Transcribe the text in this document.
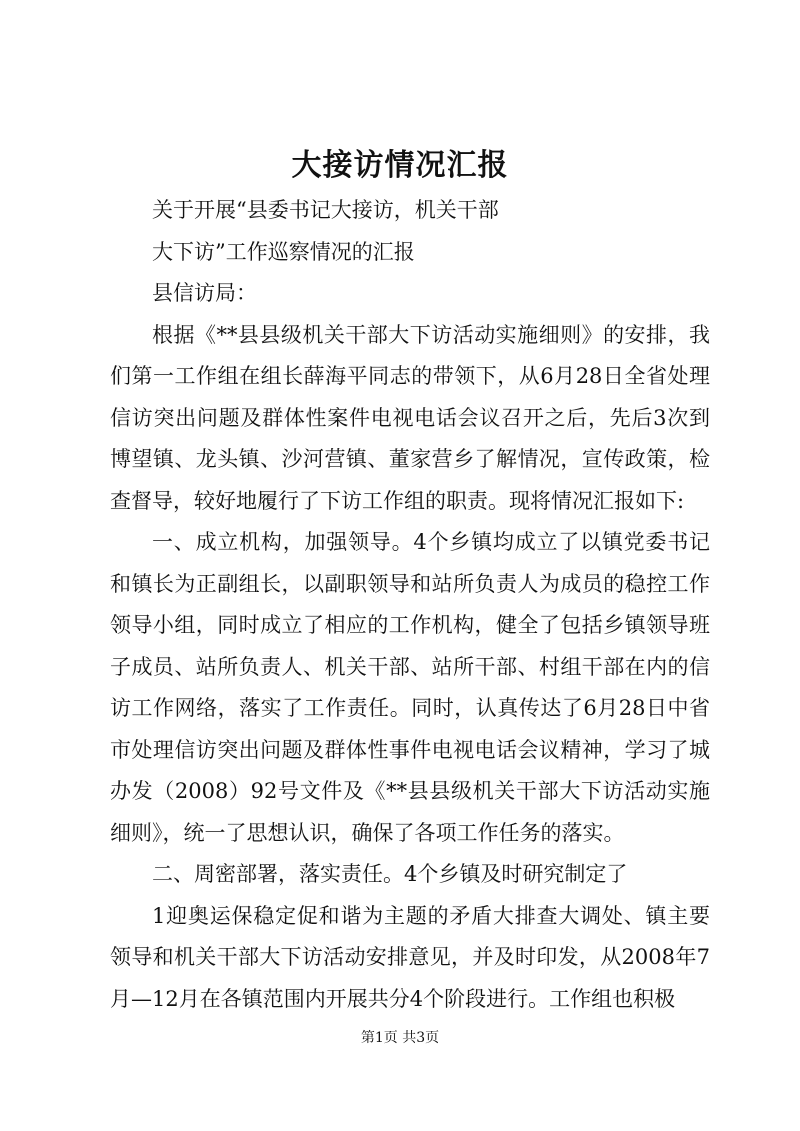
大接访情况汇报

关于开展“县委书记大接访，机关干部

大下访”工作巡察情况的汇报

县信访局：

根据《**县县级机关干部大下访活动实施细则》的安排，我们第一工作组在组长薛海平同志的带领下，从6月28日全省处理信访突出问题及群体性案件电视电话会议召开之后，先后3次到博望镇、龙头镇、沙河营镇、董家营乡了解情况，宣传政策，检查督导，较好地履行了下访工作组的职责。现将情况汇报如下:

一、成立机构，加强领导。4个乡镇均成立了以镇党委书记和镇长为正副组长，以副职领导和站所负责人为成员的稳控工作领导小组，同时成立了相应的工作机构，健全了包括乡镇领导班子成员、站所负责人、机关干部、站所干部、村组干部在内的信访工作网络，落实了工作责任。同时，认真传达了6月28日中省市处理信访突出问题及群体性事件电视电话会议精神，学习了城办发（2008）92号文件及《**县县级机关干部大下访活动实施细则》，统一了思想认识，确保了各项工作任务的落实。

二、周密部署，落实责任。4个乡镇及时研究制定了

1迎奥运保稳定促和谐为主题的矛盾大排查大调处、镇主要领导和机关干部大下访活动安排意见，并及时印发，从2008年7月—12月在各镇范围内开展共分4个阶段进行。工作组也积极

第1页 共3页
